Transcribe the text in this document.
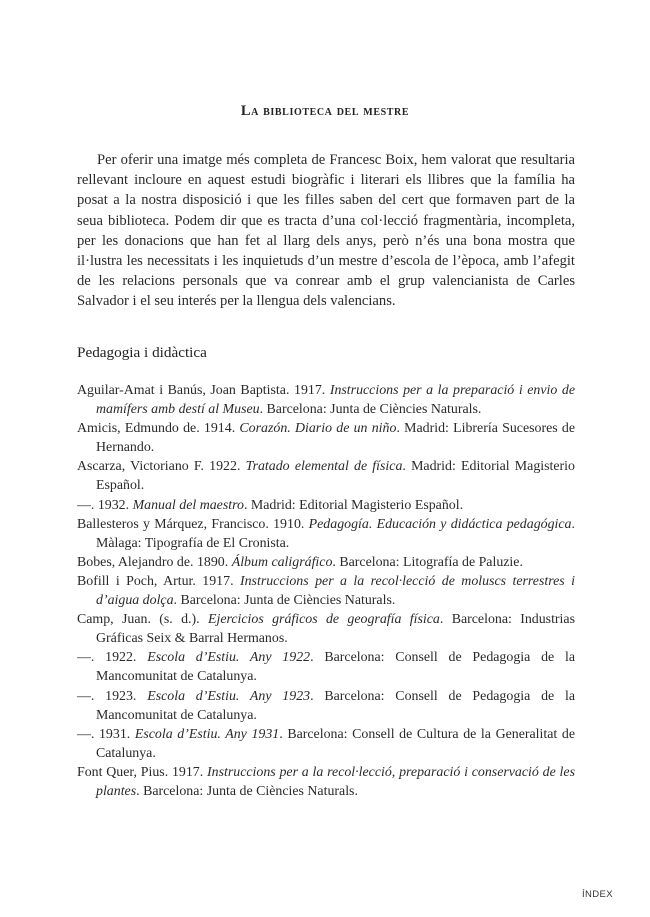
La biblioteca del mestre

Per oferir una imatge més completa de Francesc Boix, hem valorat que resultaria rellevant incloure en aquest estudi biogràfic i literari els llibres que la família ha posat a la nostra disposició i que les filles saben del cert que formaven part de la seua biblioteca. Podem dir que es tracta d’una col·lecció fragmentària, incompleta, per les donacions que han fet al llarg dels anys, però n’és una bona mostra que il·lustra les necessitats i les inquietuds d’un mestre d’escola de l’època, amb l’afegit de les relacions personals que va conrear amb el grup valencianista de Carles Salvador i el seu interés per la llengua dels valencians.

Pedagogia i didàctica
Aguilar-Amat i Banús, Joan Baptista. 1917. Instruccions per a la preparació i envio de mamífers amb destí al Museu. Barcelona: Junta de Ciències Naturals.
Amicis, Edmundo de. 1914. Corazón. Diario de un niño. Madrid: Librería Sucesores de Hernando.
Ascarza, Victoriano F. 1922. Tratado elemental de física. Madrid: Editorial Magisterio Español.
—. 1932. Manual del maestro. Madrid: Editorial Magisterio Español.
Ballesteros y Márquez, Francisco. 1910. Pedagogía. Educación y didáctica pedagógica. Màlaga: Tipografía de El Cronista.
Bobes, Alejandro de. 1890. Álbum caligráfico. Barcelona: Litografía de Paluzie.
Bofill i Poch, Artur. 1917. Instruccions per a la recol·lecció de moluscs terrestres i d’aigua dolça. Barcelona: Junta de Ciències Naturals.
Camp, Juan. (s. d.). Ejercicios gráficos de geografía física. Barcelona: Industrias Gráficas Seix & Barral Hermanos.
—. 1922. Escola d’Estiu. Any 1922. Barcelona: Consell de Pedagogia de la Mancomunitat de Catalunya.
—. 1923. Escola d’Estiu. Any 1923. Barcelona: Consell de Pedagogia de la Mancomunitat de Catalunya.
—. 1931. Escola d’Estiu. Any 1931. Barcelona: Consell de Cultura de la Generalitat de Catalunya.
Font Quer, Pius. 1917. Instruccions per a la recol·lecció, preparació i conservació de les plantes. Barcelona: Junta de Ciències Naturals.
ÍNDEX
